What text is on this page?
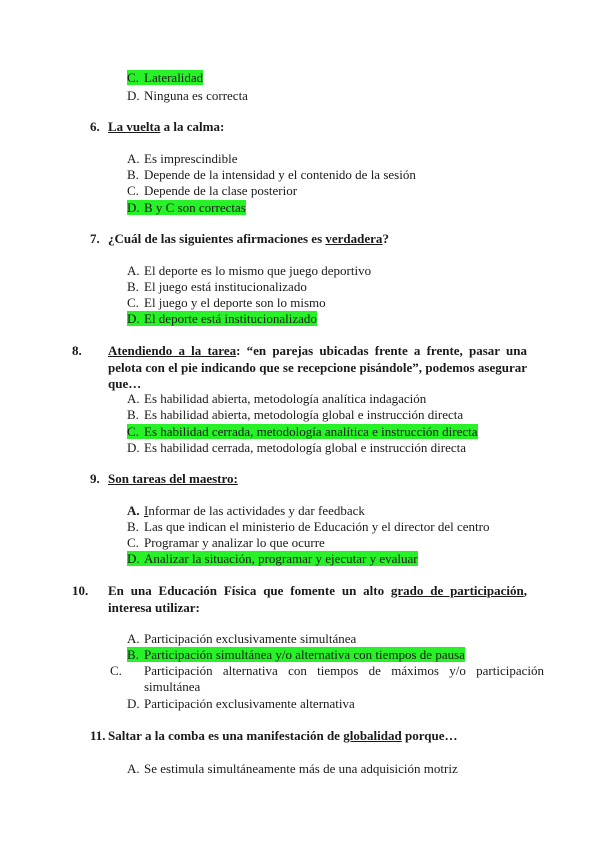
C. Lateralidad
D. Ninguna es correcta
6. La vuelta a la calma:
A. Es imprescindible
B. Depende de la intensidad y el contenido de la sesión
C. Depende de la clase posterior
D. B y C son correctas
7. ¿Cuál de las siguientes afirmaciones es verdadera?
A. El deporte es lo mismo que juego deportivo
B. El juego está institucionalizado
C. El juego y el deporte son lo mismo
D. El deporte está institucionalizado
8. Atendiendo a la tarea: “en parejas ubicadas frente a frente, pasar una pelota con el pie indicando que se recepcione pisándole”, podemos asegurar que…
A. Es habilidad abierta, metodología analítica indagación
B. Es habilidad abierta, metodología global e instrucción directa
C. Es habilidad cerrada, metodología analítica e instrucción directa
D. Es habilidad cerrada, metodología global e instrucción directa
9. Son tareas del maestro:
A. Informar de las actividades y dar feedback
B. Las que indican el ministerio de Educación y el director del centro
C. Programar y analizar lo que ocurre
D. Analizar la situación, programar y ejecutar y evaluar
10. En una Educación Física que fomente un alto grado de participación, interesa utilizar:
A. Participación exclusivamente simultánea
B. Participación simultánea y/o alternativa con tiempos de pausa
C. Participación alternativa con tiempos de máximos y/o participación simultánea
D. Participación exclusivamente alternativa
11. Saltar a la comba es una manifestación de globalidad porque…
A. Se estimula simultáneamente más de una adquisición motriz
